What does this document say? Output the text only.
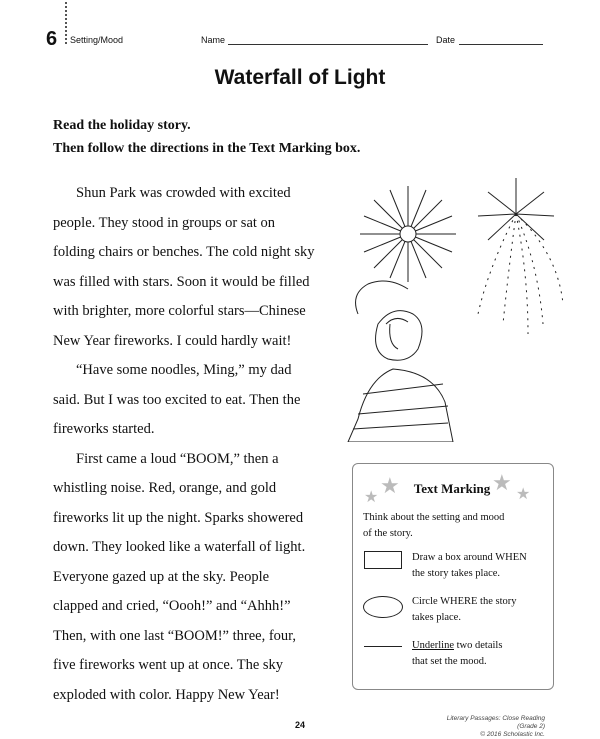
6 Setting/Mood	Name	Date
Waterfall of Light
Read the holiday story.
Then follow the directions in the Text Marking box.

Shun Park was crowded with excited
people. They stood in groups or sat on
folding chairs or benches. The cold night sky
was filled with stars. Soon it would be filled
with brighter, more colorful stars—Chinese
New Year fireworks. I could hardly wait!

“Have some noodles, Ming,” my dad
said. But I was too excited to eat. Then the
fireworks started.

First came a loud “BOOM,” then a
whistling noise. Red, orange, and gold
fireworks lit up the night. Sparks showered
down. They looked like a waterfall of light.
Everyone gazed up at the sky. People
clapped and cried, “Oooh!” and “Ahhh!”
Then, with one last “BOOM!” three, four,
five fireworks went up at once. The sky
exploded with color. Happy New Year!

★ ★	★ ★
Text Marking
Think about the setting and mood
of the story.
Draw a box around WHEN
the story takes place.
Circle WHERE the story
takes place.
Underline two details
that set the mood.
24
Literary Passages: Close Reading (Grade 2)
© 2016 Scholastic Inc.
